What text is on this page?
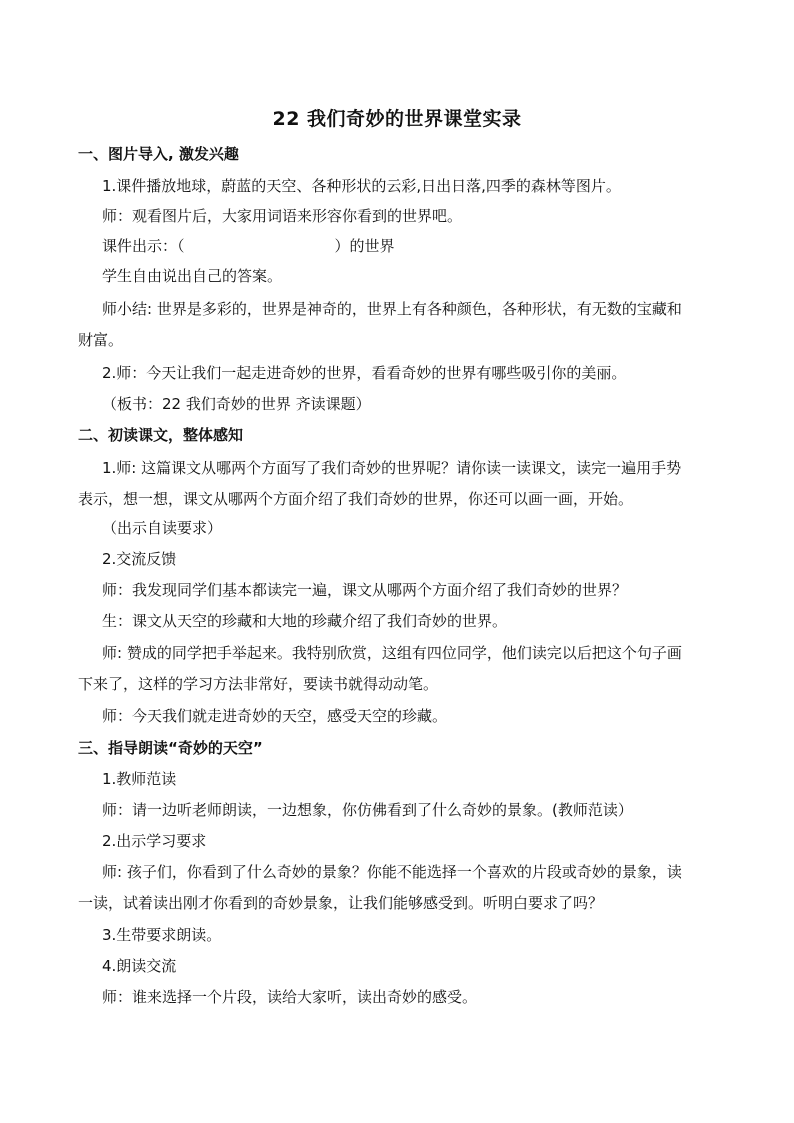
22 我们奇妙的世界课堂实录
一、图片导入, 激发兴趣
1.课件播放地球，蔚蓝的天空、各种形状的云彩,日出日落,四季的森林等图片。
师：观看图片后，大家用词语来形容你看到的世界吧。
课件出示：（	）的世界
学生自由说出自己的答案。
师小结: 世界是多彩的，世界是神奇的，世界上有各种颜色，各种形状，有无数的宝藏和
财富。
2.师：今天让我们一起走进奇妙的世界，看看奇妙的世界有哪些吸引你的美丽。
（板书：22 我们奇妙的世界 齐读课题）
二、初读课文，整体感知
1.师: 这篇课文从哪两个方面写了我们奇妙的世界呢？请你读一读课文，读完一遍用手势
表示，想一想，课文从哪两个方面介绍了我们奇妙的世界，你还可以画一画，开始。
（出示自读要求）
2.交流反馈
师：我发现同学们基本都读完一遍，课文从哪两个方面介绍了我们奇妙的世界？
生：课文从天空的珍藏和大地的珍藏介绍了我们奇妙的世界。
师: 赞成的同学把手举起来。我特别欣赏，这组有四位同学，他们读完以后把这个句子画
下来了，这样的学习方法非常好，要读书就得动动笔。
师：今天我们就走进奇妙的天空，感受天空的珍藏。
三、指导朗读“奇妙的天空”
1.教师范读
师：请一边听老师朗读，一边想象，你仿佛看到了什么奇妙的景象。(教师范读）
2.出示学习要求
师: 孩子们，你看到了什么奇妙的景象？你能不能选择一个喜欢的片段或奇妙的景象，读
一读，试着读出刚才你看到的奇妙景象，让我们能够感受到。听明白要求了吗？
3.生带要求朗读。
4.朗读交流
师：谁来选择一个片段，读给大家听，读出奇妙的感受。
